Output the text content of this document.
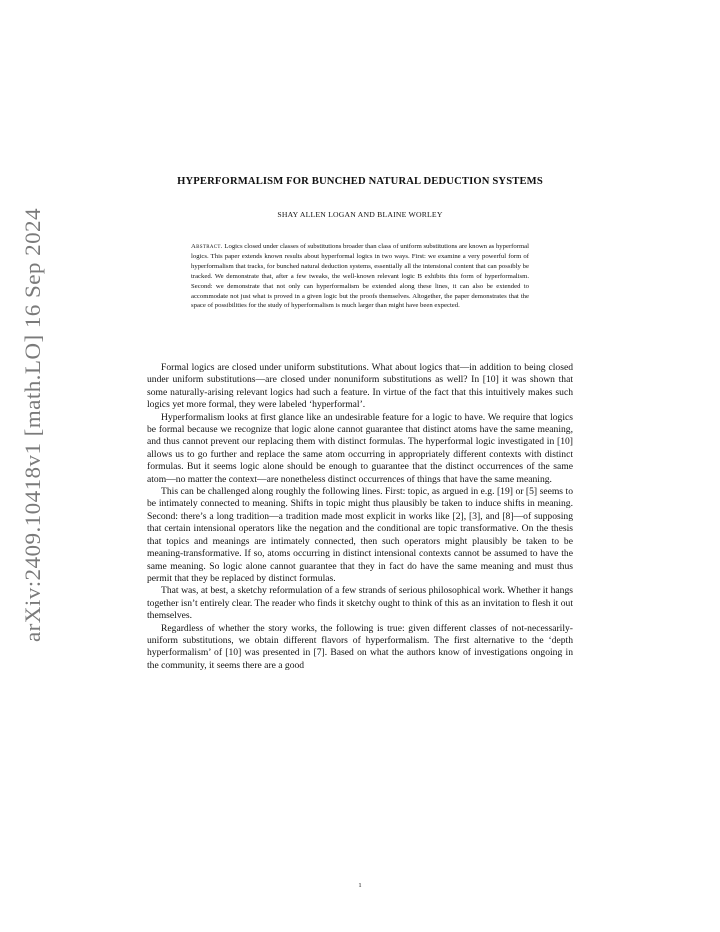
arXiv:2409.10418v1 [math.LO] 16 Sep 2024
HYPERFORMALISM FOR BUNCHED NATURAL DEDUCTION SYSTEMS
SHAY ALLEN LOGAN AND BLAINE WORLEY
Abstract. Logics closed under classes of substitutions broader than class of uniform substitutions are known as hyperformal logics. This paper extends known results about hyperformal logics in two ways. First: we examine a very powerful form of hyperformalism that tracks, for bunched natural deduction systems, essentially all the intensional content that can possibly be tracked. We demonstrate that, after a few tweaks, the well-known relevant logic B exhibits this form of hyperformalism. Second: we demonstrate that not only can hyperformalism be extended along these lines, it can also be extended to accommodate not just what is proved in a given logic but the proofs themselves. Altogether, the paper demonstrates that the space of possibilities for the study of hyperformalism is much larger than might have been expected.

Formal logics are closed under uniform substitutions. What about logics that—in addition to being closed under uniform substitutions—are closed under nonuniform substitutions as well? In [10] it was shown that some naturally-arising relevant logics had such a feature. In virtue of the fact that this intuitively makes such logics yet more formal, they were labeled ‘hyperformal’.

Hyperformalism looks at first glance like an undesirable feature for a logic to have. We require that logics be formal because we recognize that logic alone cannot guarantee that distinct atoms have the same meaning, and thus cannot prevent our replacing them with distinct formulas. The hyperformal logic investigated in [10] allows us to go further and replace the same atom occurring in appropriately different contexts with distinct formulas. But it seems logic alone should be enough to guarantee that the distinct occurrences of the same atom—no matter the context—are nonetheless distinct occurrences of things that have the same meaning.

This can be challenged along roughly the following lines. First: topic, as argued in e.g. [19] or [5] seems to be intimately connected to meaning. Shifts in topic might thus plausibly be taken to induce shifts in meaning. Second: there’s a long tradition—a tradition made most explicit in works like [2], [3], and [8]—of supposing that certain intensional operators like the negation and the conditional are topic transformative. On the thesis that topics and meanings are intimately connected, then such operators might plausibly be taken to be meaning-transformative. If so, atoms occurring in distinct intensional contexts cannot be assumed to have the same meaning. So logic alone cannot guarantee that they in fact do have the same meaning and must thus permit that they be replaced by distinct formulas.

That was, at best, a sketchy reformulation of a few strands of serious philosophical work. Whether it hangs together isn’t entirely clear. The reader who finds it sketchy ought to think of this as an invitation to flesh it out themselves.

Regardless of whether the story works, the following is true: given different classes of not-necessarily-uniform substitutions, we obtain different flavors of hyperformalism. The first alternative to the ‘depth hyperformalism’ of [10] was presented in [7]. Based on what the authors know of investigations ongoing in the community, it seems there are a good

1
